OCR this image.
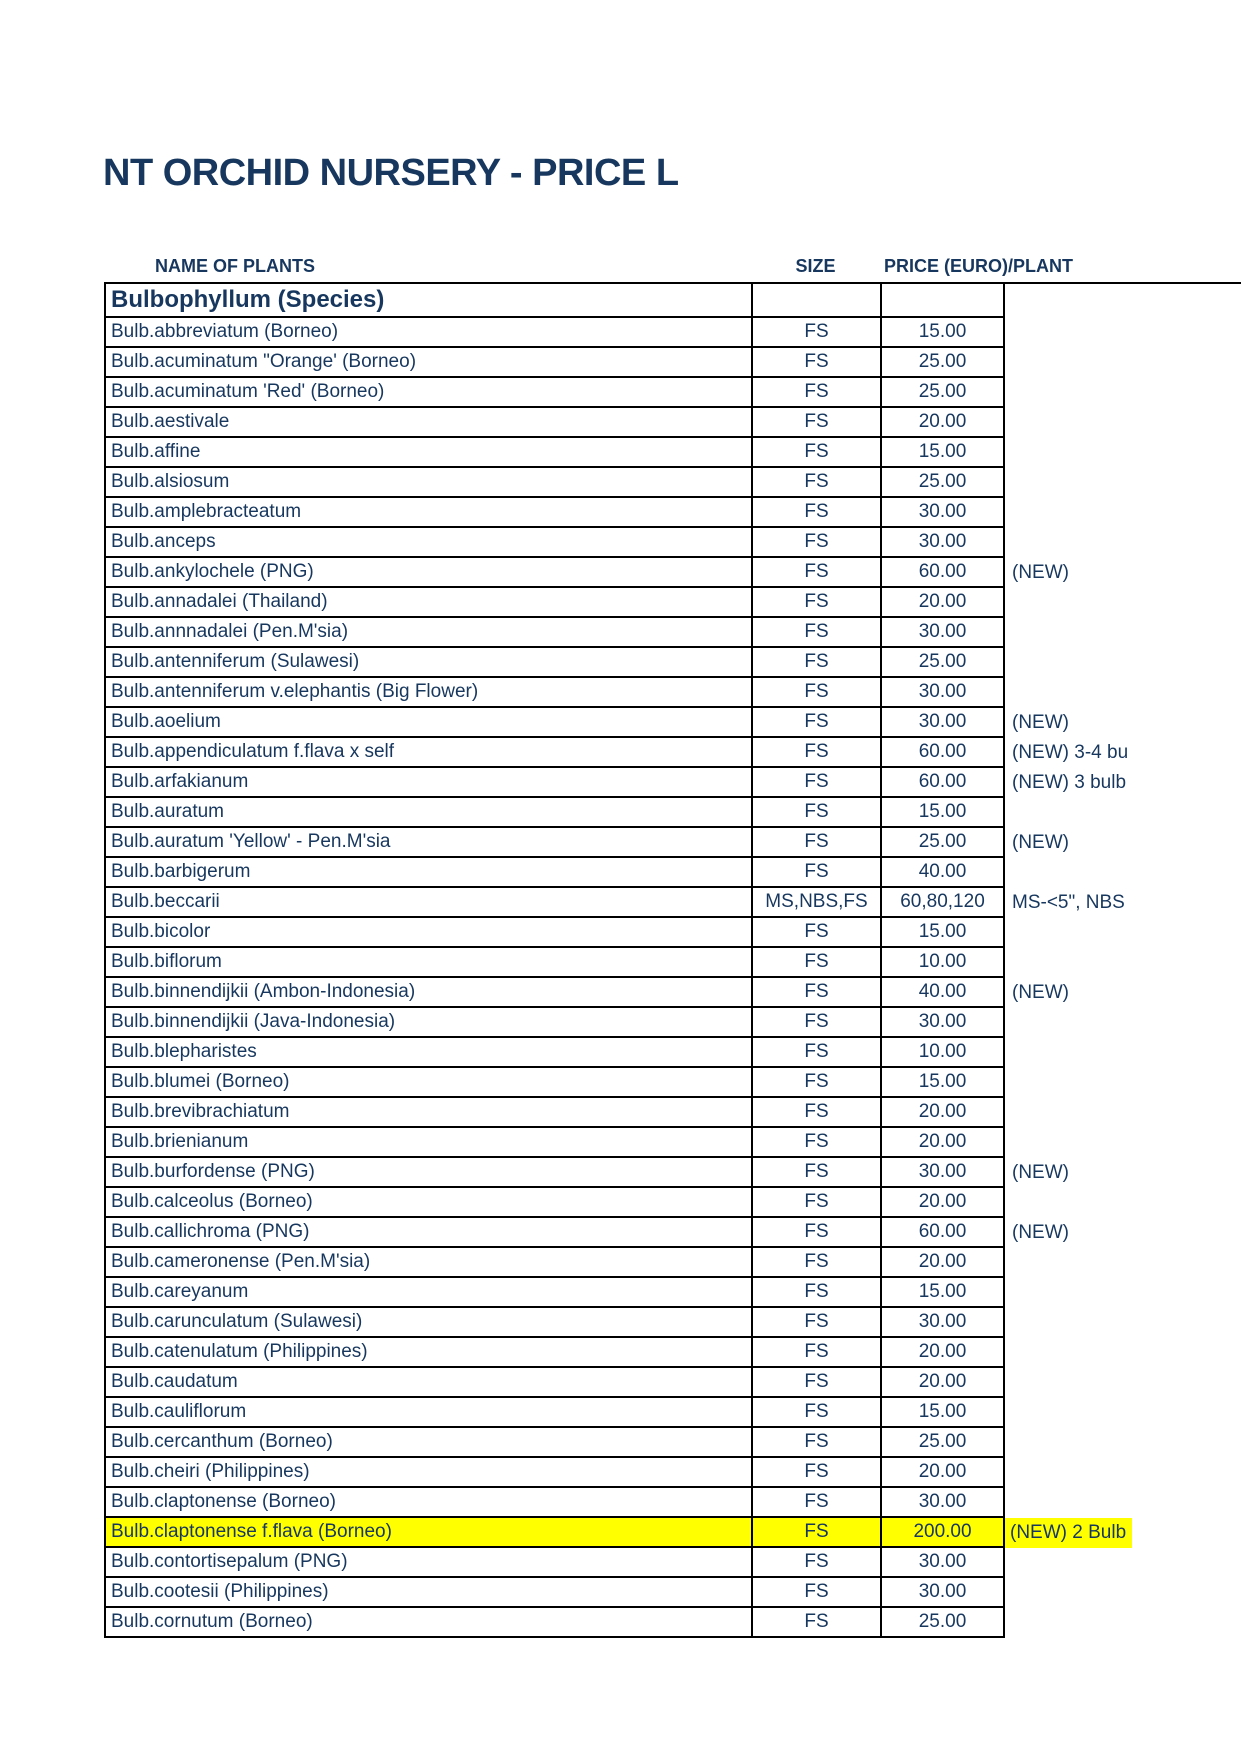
NT ORCHID NURSERY - PRICE L
NAME OF PLANTS	SIZE	PRICE (EURO)/PLANT
Bulbophyllum (Species)
Bulb.abbreviatum (Borneo)	FS	15.00
Bulb.acuminatum "Orange' (Borneo)	FS	25.00
Bulb.acuminatum 'Red' (Borneo)	FS	25.00
Bulb.aestivale	FS	20.00
Bulb.affine	FS	15.00
Bulb.alsiosum	FS	25.00
Bulb.amplebracteatum	FS	30.00
Bulb.anceps	FS	30.00
Bulb.ankylochele (PNG)	FS	60.00	(NEW)
Bulb.annadalei (Thailand)	FS	20.00
Bulb.annnadalei (Pen.M'sia)	FS	30.00
Bulb.antenniferum (Sulawesi)	FS	25.00
Bulb.antenniferum v.elephantis (Big Flower)	FS	30.00
Bulb.aoelium	FS	30.00	(NEW)
Bulb.appendiculatum f.flava x self	FS	60.00	(NEW) 3-4 bu
Bulb.arfakianum	FS	60.00	(NEW) 3 bulb
Bulb.auratum	FS	15.00
Bulb.auratum 'Yellow' - Pen.M'sia	FS	25.00	(NEW)
Bulb.barbigerum	FS	40.00
Bulb.beccarii	MS,NBS,FS	60,80,120	MS-<5", NBS
Bulb.bicolor	FS	15.00
Bulb.biflorum	FS	10.00
Bulb.binnendijkii (Ambon-Indonesia)	FS	40.00	(NEW)
Bulb.binnendijkii (Java-Indonesia)	FS	30.00
Bulb.blepharistes	FS	10.00
Bulb.blumei (Borneo)	FS	15.00
Bulb.brevibrachiatum	FS	20.00
Bulb.brienianum	FS	20.00
Bulb.burfordense (PNG)	FS	30.00	(NEW)
Bulb.calceolus (Borneo)	FS	20.00
Bulb.callichroma (PNG)	FS	60.00	(NEW)
Bulb.cameronense (Pen.M'sia)	FS	20.00
Bulb.careyanum	FS	15.00
Bulb.carunculatum (Sulawesi)	FS	30.00
Bulb.catenulatum (Philippines)	FS	20.00
Bulb.caudatum	FS	20.00
Bulb.cauliflorum	FS	15.00
Bulb.cercanthum (Borneo)	FS	25.00
Bulb.cheiri (Philippines)	FS	20.00
Bulb.claptonense (Borneo)	FS	30.00
Bulb.claptonense f.flava (Borneo)	FS	200.00	(NEW) 2 Bulb
Bulb.contortisepalum (PNG)	FS	30.00
Bulb.cootesii (Philippines)	FS	30.00
Bulb.cornutum (Borneo)	FS	25.00
